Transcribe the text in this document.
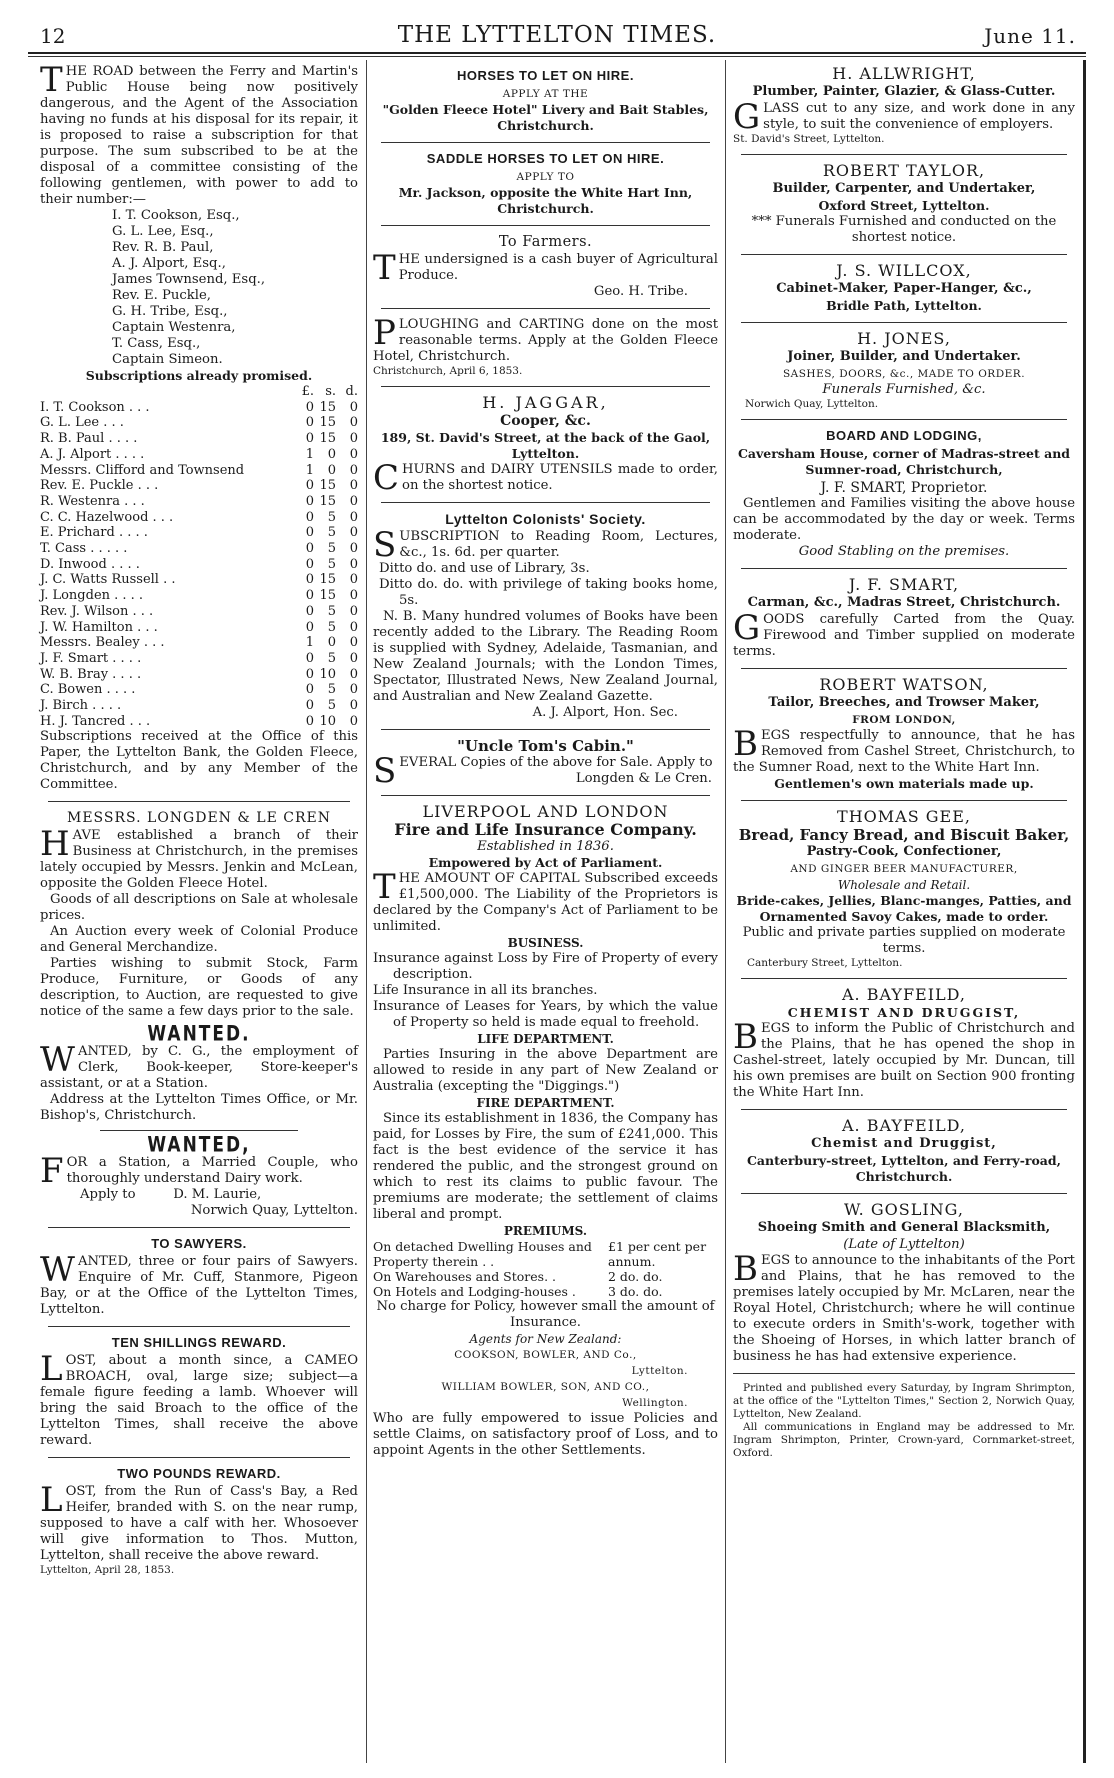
12	THE LYTTELTON TIMES.	June 11.

THE ROAD between the Ferry and Martin's Public House being now positively dangerous, and the Agent of the Association having no funds at his disposal for its repair, it is proposed to raise a subscription for that purpose. The sum subscribed to be at the disposal of a committee consisting of the following gentlemen, with power to add to their number:—

I. T. Cookson, Esq.,
G. L. Lee, Esq.,
Rev. R. B. Paul,
A. J. Alport, Esq.,
James Townsend, Esq.,
Rev. E. Puckle,
G. H. Tribe, Esq.,
Captain Westenra,
T. Cass, Esq.,
Captain Simeon.
Subscriptions already promised.
	£.	s.	d.
I. T. Cookson . . .	0	15	0
G. L. Lee . . .	0	15	0
R. B. Paul . . . .	0	15	0
A. J. Alport . . . .	1	0	0
Messrs. Clifford and Townsend	1	0	0
Rev. E. Puckle . . .	0	15	0
R. Westenra . . .	0	15	0
C. C. Hazelwood . . .	0	5	0
E. Prichard . . . .	0	5	0
T. Cass . . . . .	0	5	0
D. Inwood . . . .	0	5	0
J. C. Watts Russell . .	0	15	0
J. Longden . . . .	0	15	0
Rev. J. Wilson . . .	0	5	0
J. W. Hamilton . . .	0	5	0
Messrs. Bealey . . .	1	0	0
J. F. Smart . . . .	0	5	0
W. B. Bray . . . .	0	10	0
C. Bowen . . . .	0	5	0
J. Birch . . . .	0	5	0
H. J. Tancred . . .	0	10	0

Subscriptions received at the Office of this Paper, the Lyttelton Bank, the Golden Fleece, Christchurch, and by any Member of the Committee.

MESSRS. LONGDEN & LE CREN

HAVE established a branch of their Business at Christchurch, in the premises lately occupied by Messrs. Jenkin and McLean, opposite the Golden Fleece Hotel.

Goods of all descriptions on Sale at wholesale prices.

An Auction every week of Colonial Produce and General Merchandize.

Parties wishing to submit Stock, Farm Produce, Furniture, or Goods of any description, to Auction, are requested to give notice of the same a few days prior to the sale.

WANTED.

WANTED, by C. G., the employment of Clerk, Book-keeper, Store-keeper's assistant, or at a Station.

Address at the Lyttelton Times Office, or Mr. Bishop's, Christchurch.

WANTED,

FOR a Station, a Married Couple, who thoroughly understand Dairy work.

Apply to	D. M. Laurie,

Norwich Quay, Lyttelton.

TO SAWYERS.

WANTED, three or four pairs of Sawyers. Enquire of Mr. Cuff, Stanmore, Pigeon Bay, or at the Office of the Lyttelton Times, Lyttelton.

TEN SHILLINGS REWARD.

LOST, about a month since, a CAMEO BROACH, oval, large size; subject—a female figure feeding a lamb. Whoever will bring the said Broach to the office of the Lyttelton Times, shall receive the above reward.

TWO POUNDS REWARD.

LOST, from the Run of Cass's Bay, a Red Heifer, branded with S. on the near rump, supposed to have a calf with her. Whosoever will give information to Thos. Mutton, Lyttelton, shall receive the above reward.

Lyttelton, April 28, 1853.

HORSES TO LET ON HIRE.
APPLY AT THE
"Golden Fleece Hotel" Livery and Bait Stables, Christchurch.
SADDLE HORSES TO LET ON HIRE.
APPLY TO
Mr. Jackson, opposite the White Hart Inn, Christchurch.
To Farmers.

THE undersigned is a cash buyer of Agricultural Produce.

Geo. H. Tribe.

PLOUGHING and CARTING done on the most reasonable terms. Apply at the Golden Fleece Hotel, Christchurch.

Christchurch, April 6, 1853.

H. JAGGAR,
Cooper, &c.
189, St. David's Street, at the back of the Gaol, Lyttelton.

CHURNS and DAIRY UTENSILS made to order, on the shortest notice.

Lyttelton Colonists' Society.

SUBSCRIPTION to Reading Room, Lectures, &c., 1s. 6d. per quarter.

Ditto do. and use of Library, 3s.

Ditto do. do. with privilege of taking books home, 5s.

N. B. Many hundred volumes of Books have been recently added to the Library. The Reading Room is supplied with Sydney, Adelaide, Tasmanian, and New Zealand Journals; with the London Times, Spectator, Illustrated News, New Zealand Journal, and Australian and New Zealand Gazette.

A. J. Alport, Hon. Sec.

"Uncle Tom's Cabin."

SEVERAL Copies of the above for Sale. Apply to

Longden & Le Cren.

LIVERPOOL AND LONDON
Fire and Life Insurance Company.
Established in 1836.
Empowered by Act of Parliament.

THE AMOUNT OF CAPITAL Subscribed exceeds £1,500,000. The Liability of the Proprietors is declared by the Company's Act of Parliament to be unlimited.

BUSINESS.

Insurance against Loss by Fire of Property of every description.

Life Insurance in all its branches.

Insurance of Leases for Years, by which the value of Property so held is made equal to freehold.

LIFE DEPARTMENT.

Parties Insuring in the above Department are allowed to reside in any part of New Zealand or Australia (excepting the "Diggings.")

FIRE DEPARTMENT.

Since its establishment in 1836, the Company has paid, for Losses by Fire, the sum of £241,000. This fact is the best evidence of the service it has rendered the public, and the strongest ground on which to rest its claims to public favour. The premiums are moderate; the settlement of claims liberal and prompt.

PREMIUMS.
On detached Dwelling Houses and Property therein . .	£1 per cent per annum.
On Warehouses and Stores. .	2 do. do.
On Hotels and Lodging-houses .	3 do. do.

No charge for Policy, however small the amount of Insurance.

Agents for New Zealand:
COOKSON, BOWLER, AND Co.,
Lyttelton.
WILLIAM BOWLER, SON, AND CO.,
Wellington.

Who are fully empowered to issue Policies and settle Claims, on satisfactory proof of Loss, and to appoint Agents in the other Settlements.

H. ALLWRIGHT,
Plumber, Painter, Glazier, & Glass-Cutter.

GLASS cut to any size, and work done in any style, to suit the convenience of employers.

St. David's Street, Lyttelton.

ROBERT TAYLOR,
Builder, Carpenter, and Undertaker,
Oxford Street, Lyttelton.

*** Funerals Furnished and conducted on the shortest notice.

J. S. WILLCOX,
Cabinet-Maker, Paper-Hanger, &c.,
Bridle Path, Lyttelton.
H. JONES,
Joiner, Builder, and Undertaker.
SASHES, DOORS, &c., MADE TO ORDER.
Funerals Furnished, &c.
Norwich Quay, Lyttelton.
BOARD AND LODGING,
Caversham House, corner of Madras-street and Sumner-road, Christchurch,
J. F. SMART, Proprietor.

Gentlemen and Families visiting the above house can be accommodated by the day or week. Terms moderate.

Good Stabling on the premises.
J. F. SMART,
Carman, &c., Madras Street, Christchurch.

GOODS carefully Carted from the Quay. Firewood and Timber supplied on moderate terms.

ROBERT WATSON,
Tailor, Breeches, and Trowser Maker,
FROM LONDON,

BEGS respectfully to announce, that he has Removed from Cashel Street, Christchurch, to the Sumner Road, next to the White Hart Inn.

Gentlemen's own materials made up.
THOMAS GEE,
Bread, Fancy Bread, and Biscuit Baker,
Pastry-Cook, Confectioner,
AND GINGER BEER MANUFACTURER,
Wholesale and Retail.
Bride-cakes, Jellies, Blanc-manges, Patties, and Ornamented Savoy Cakes, made to order.

Public and private parties supplied on moderate terms.

Canterbury Street, Lyttelton.
A. BAYFEILD,
CHEMIST AND DRUGGIST,

BEGS to inform the Public of Christchurch and the Plains, that he has opened the shop in Cashel-street, lately occupied by Mr. Duncan, till his own premises are built on Section 900 fronting the White Hart Inn.

A. BAYFEILD,
Chemist and Druggist,
Canterbury-street, Lyttelton, and Ferry-road, Christchurch.
W. GOSLING,
Shoeing Smith and General Blacksmith,
(Late of Lyttelton)

BEGS to announce to the inhabitants of the Port and Plains, that he has removed to the premises lately occupied by Mr. McLaren, near the Royal Hotel, Christchurch; where he will continue to execute orders in Smith's-work, together with the Shoeing of Horses, in which latter branch of business he has had extensive experience.

Printed and published every Saturday, by Ingram Shrimpton, at the office of the "Lyttelton Times," Section 2, Norwich Quay, Lyttelton, New Zealand.

All communications in England may be addressed to Mr. Ingram Shrimpton, Printer, Crown-yard, Cornmarket-street, Oxford.
